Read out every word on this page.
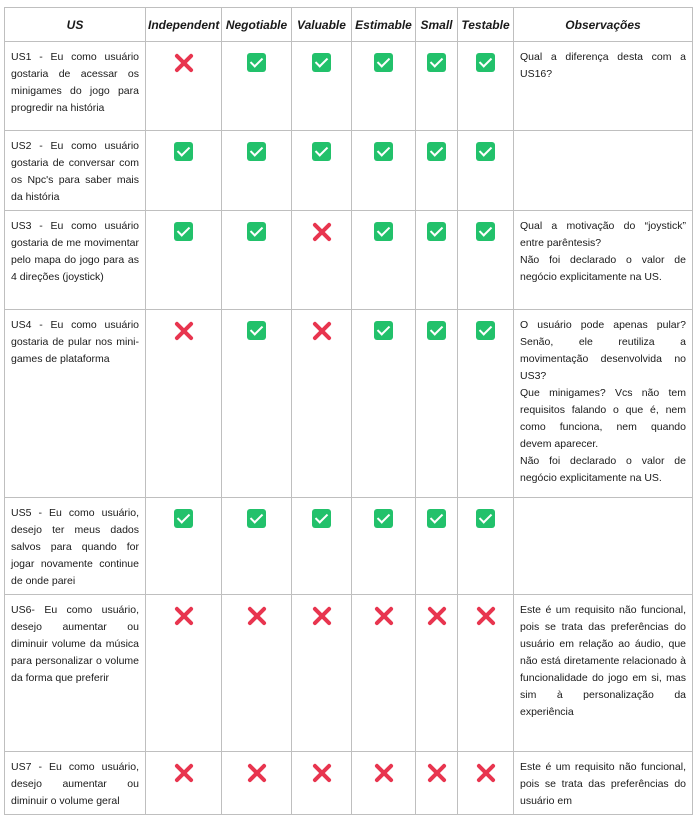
US	Independent	Negotiable	Valuable	Estimable	Small	Testable	Observações
US1 - Eu como usuário gostaria de acessar os minigames do jogo para progredir na história							Qual a diferença desta com a US16?

US2 - Eu como usuário gostaria de conversar com os Npc's para saber mais da história							
US3 - Eu como usuário gostaria de me movimentar pelo mapa do jogo para as 4 direções (joystick)							Qual a motivação do “joystick” entre parêntesis?
Não foi declarado o valor de negócio explicitamente na US.

US4 - Eu como usuário gostaria de pular nos mini-games de plataforma							O usuário pode apenas pular? Senão, ele reutiliza a movimentação desenvolvida no US3?
Que minigames? Vcs não tem requisitos falando o que é, nem como funciona, nem quando devem aparecer.
Não foi declarado o valor de negócio explicitamente na US.

US5 - Eu como usuário, desejo ter meus dados salvos para quando for jogar novamente continue de onde parei							
US6- Eu como usuário, desejo aumentar ou diminuir volume da música para personalizar o volume da forma que preferir							Este é um requisito não funcional, pois se trata das preferências do usuário em relação ao áudio, que não está diretamente relacionado à funcionalidade do jogo em si, mas sim à personalização da experiência

US7 - Eu como usuário, desejo aumentar ou diminuir o volume geral							Este é um requisito não funcional, pois se trata das preferências do usuário em
